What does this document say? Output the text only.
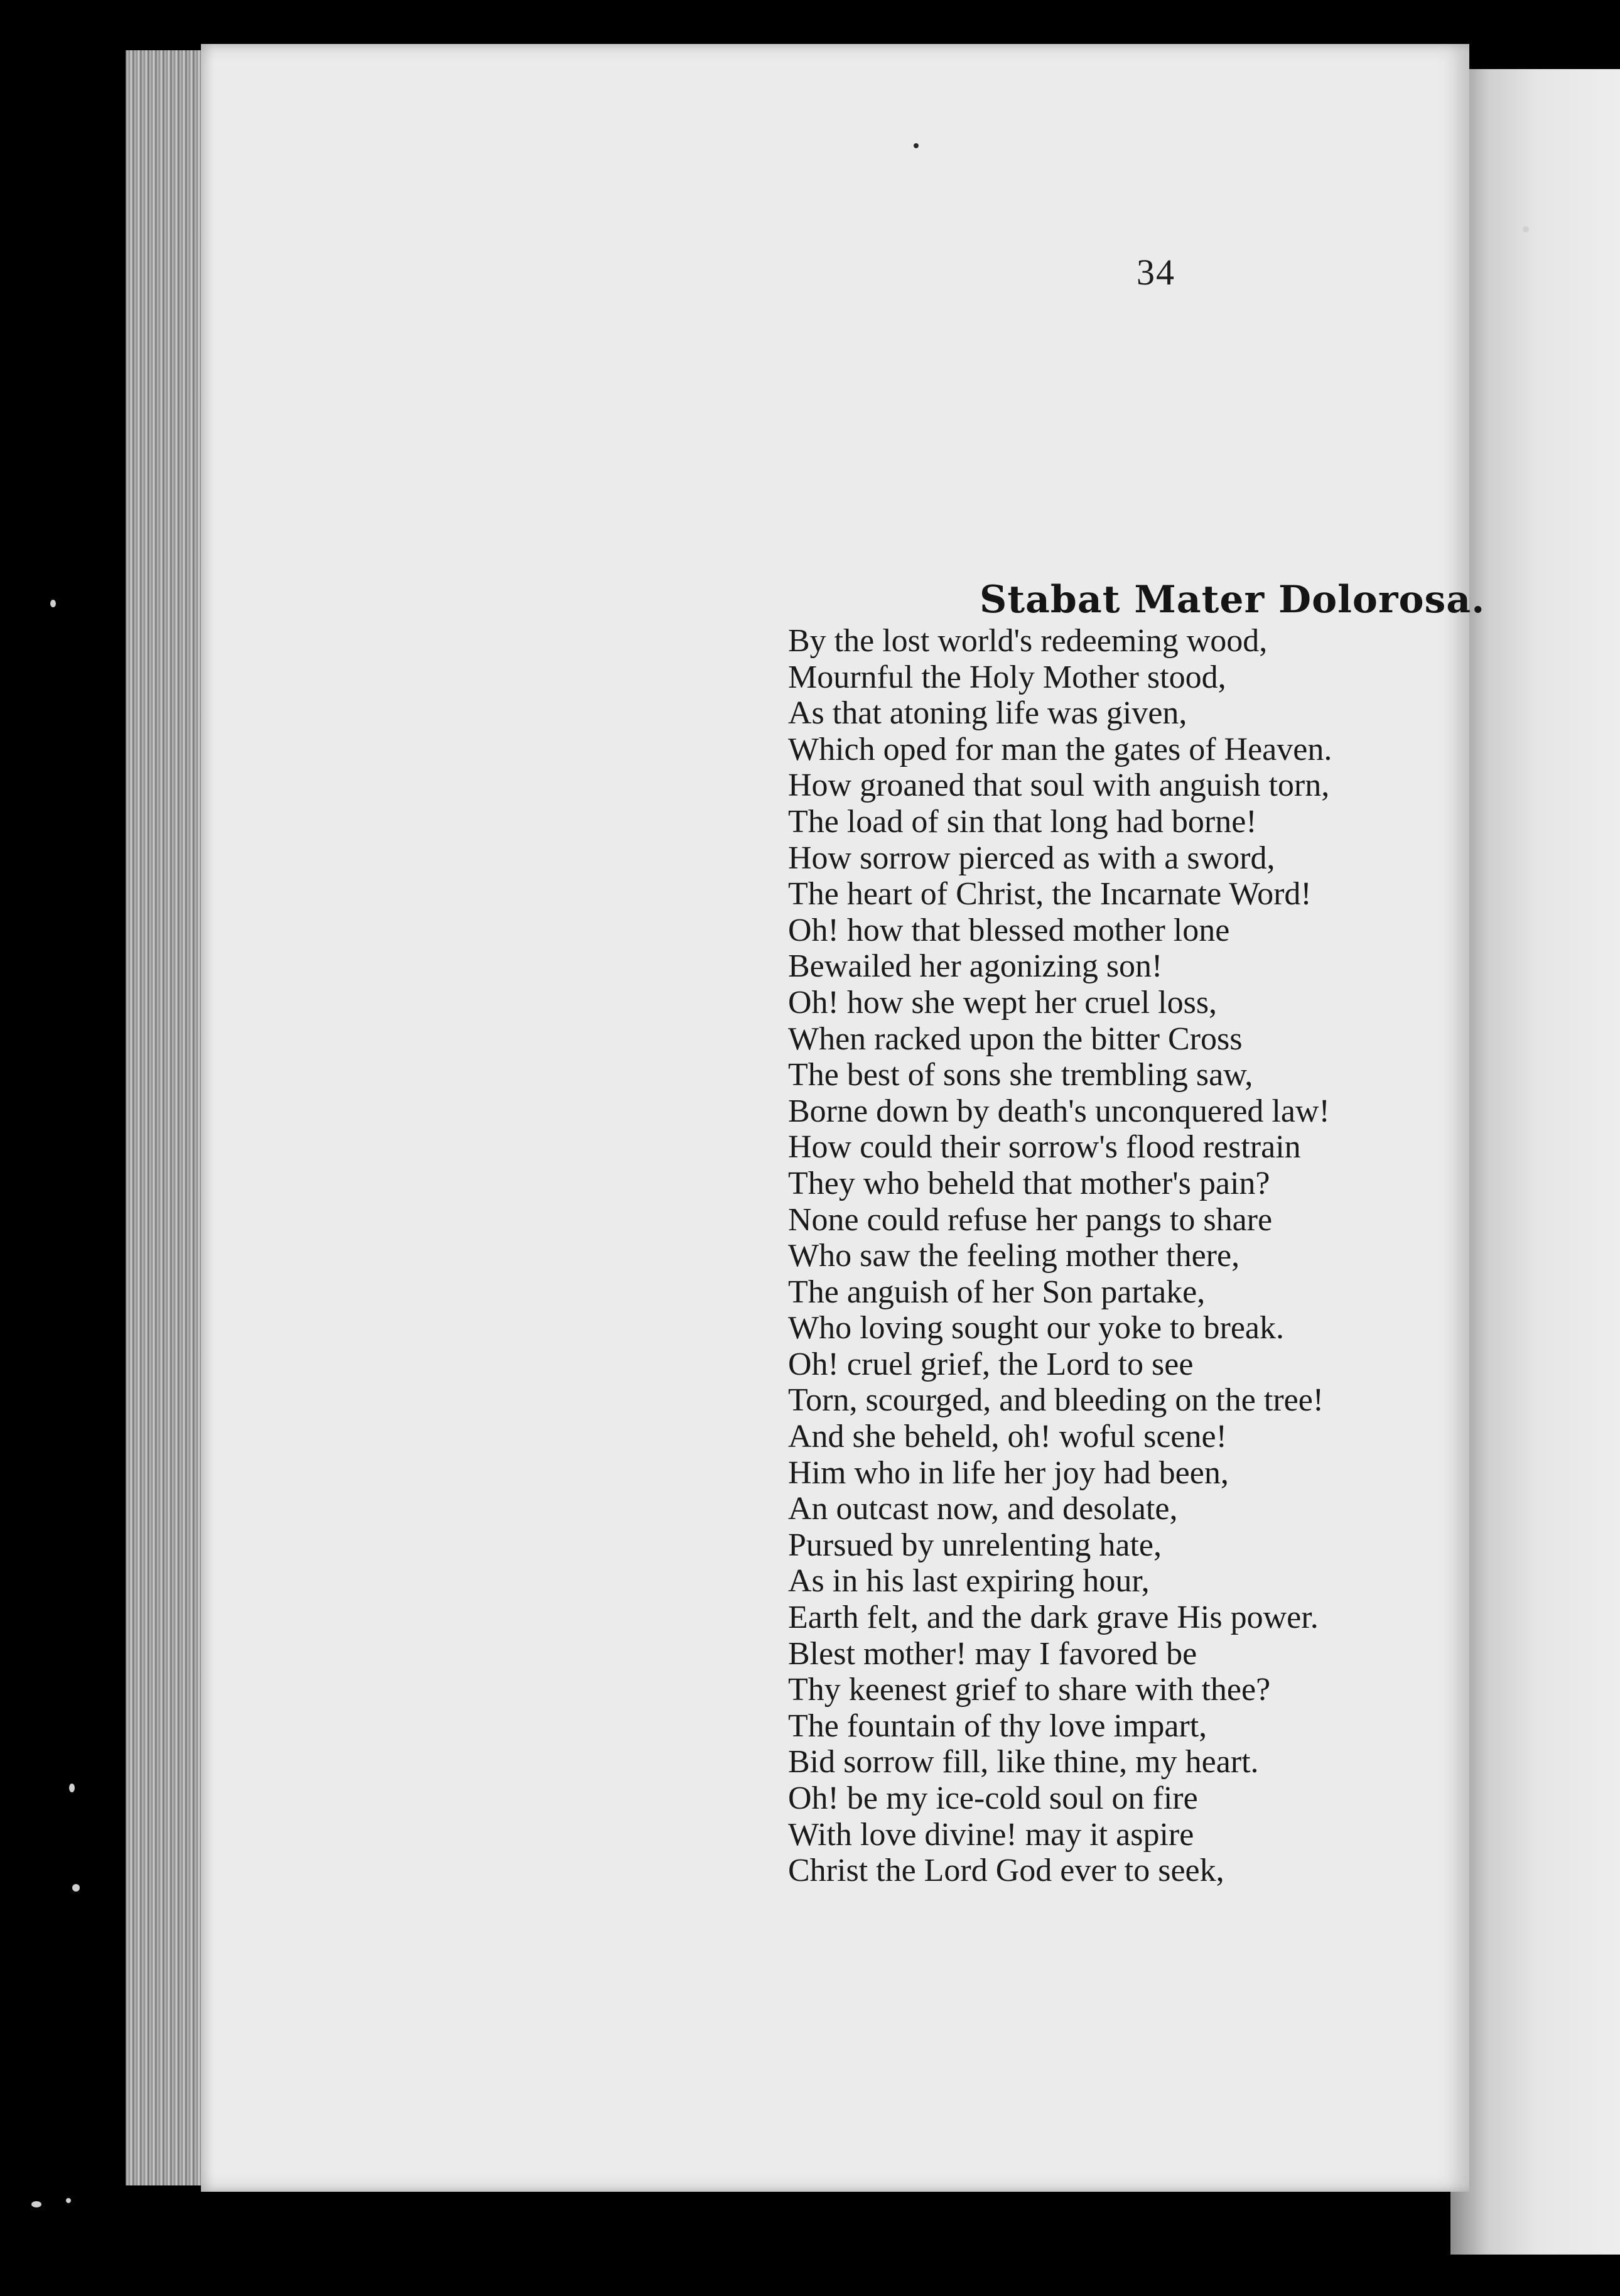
34
Stabat Mater Dolorosa.
By the lost world's redeeming wood,
Mournful the Holy Mother stood,
As that atoning life was given,
Which oped for man the gates of Heaven.
How groaned that soul with anguish torn,
The load of sin that long had borne!
How sorrow pierced as with a sword,
The heart of Christ, the Incarnate Word!
Oh! how that blessed mother lone
Bewailed her agonizing son!
Oh! how she wept her cruel loss,
When racked upon the bitter Cross
The best of sons she trembling saw,
Borne down by death's unconquered law!
How could their sorrow's flood restrain
They who beheld that mother's pain?
None could refuse her pangs to share
Who saw the feeling mother there,
The anguish of her Son partake,
Who loving sought our yoke to break.
Oh! cruel grief, the Lord to see
Torn, scourged, and bleeding on the tree!
And she beheld, oh! woful scene!
Him who in life her joy had been,
An outcast now, and desolate,
Pursued by unrelenting hate,
As in his last expiring hour,
Earth felt, and the dark grave His power.
Blest mother! may I favored be
Thy keenest grief to share with thee?
The fountain of thy love impart,
Bid sorrow fill, like thine, my heart.
Oh! be my ice-cold soul on fire
With love divine! may it aspire
Christ the Lord God ever to seek,
